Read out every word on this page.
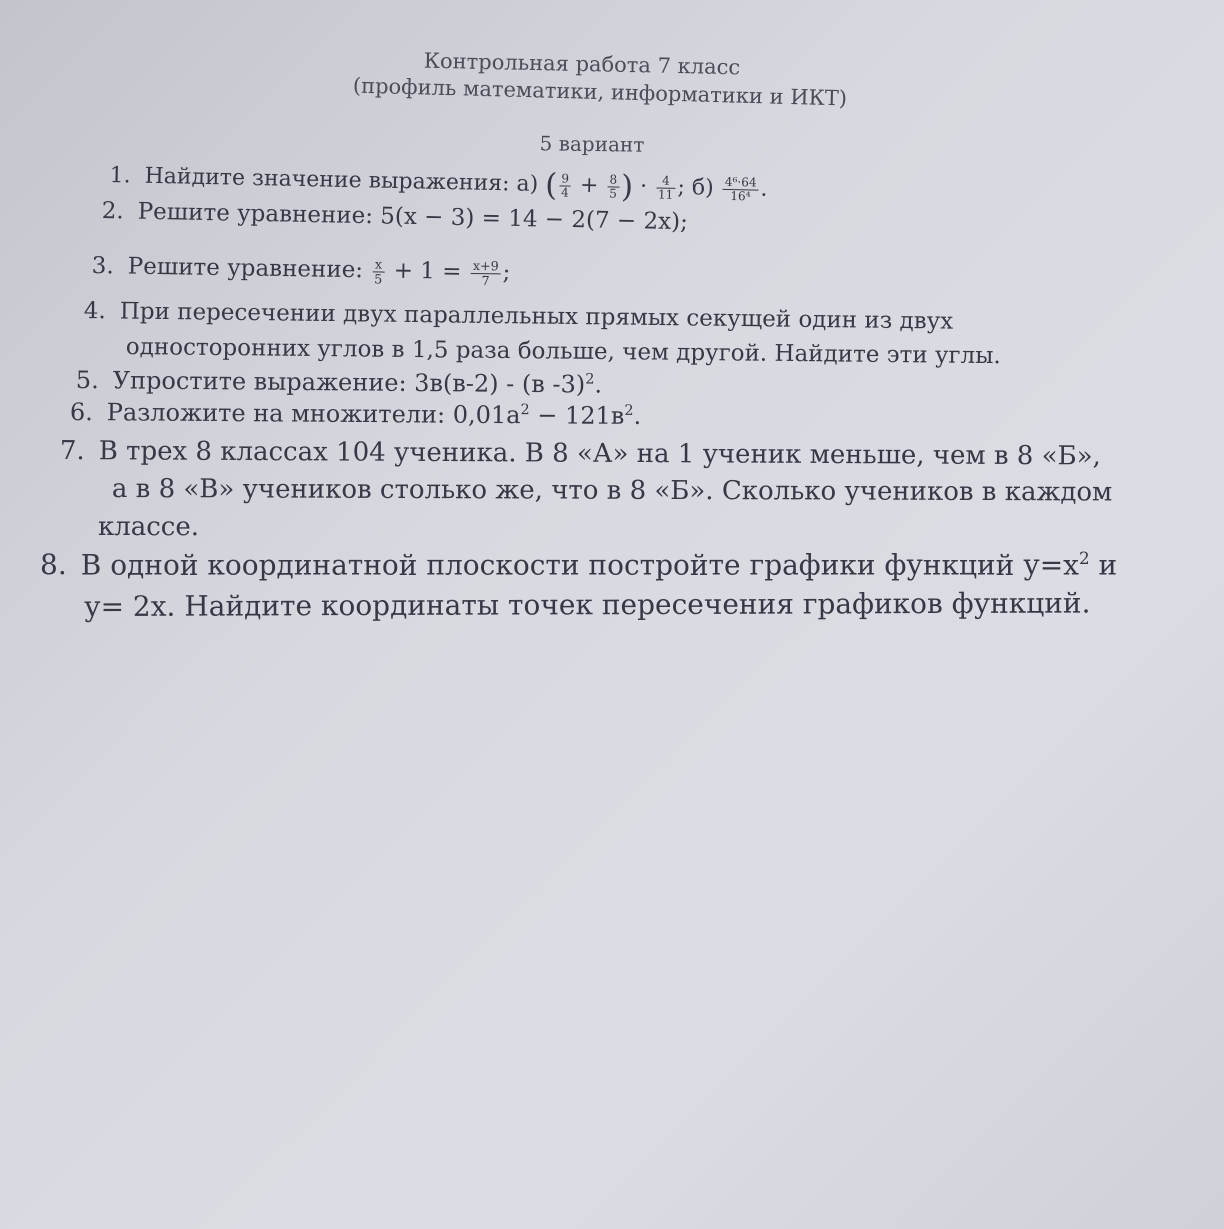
Контрольная работа 7 класс
(профиль математики, информатики и ИКТ)
5 вариант
1. Найдите значение выражения: а) ( $\frac{9}{4} + \frac{8}{5}$ ) · $\frac{4}{11}$ ; $б) \frac{\text{4⁶·64}}{\text{16⁴}}$ .
2. Решите уравнение: 5(х − 3) = 14 − 2(7 − 2х);
3. Решите уравнение: $\frac{х}{5} + 1 = \frac{х+9}{7}$ ;
4. При пересечении двух параллельных прямых секущей один из двух
односторонних углов в 1,5 раза больше, чем другой. Найдите эти углы.
5. Упростите выражение: 3в(в-2) - (в -3)$^2$.
6. Разложите на множители: $0,01а^2 - 121в^2$.
7. В трех 8 классах 104 ученика. В 8 «А» на 1 ученик меньше, чем в 8 «Б»,
а в 8 «В» учеников столько же, что в 8 «Б». Сколько учеников в каждом
классе.
8. В одной координатной плоскости постройте графики функций $у=х^2$ и
у= 2х. Найдите координаты точек пересечения графиков функций.
